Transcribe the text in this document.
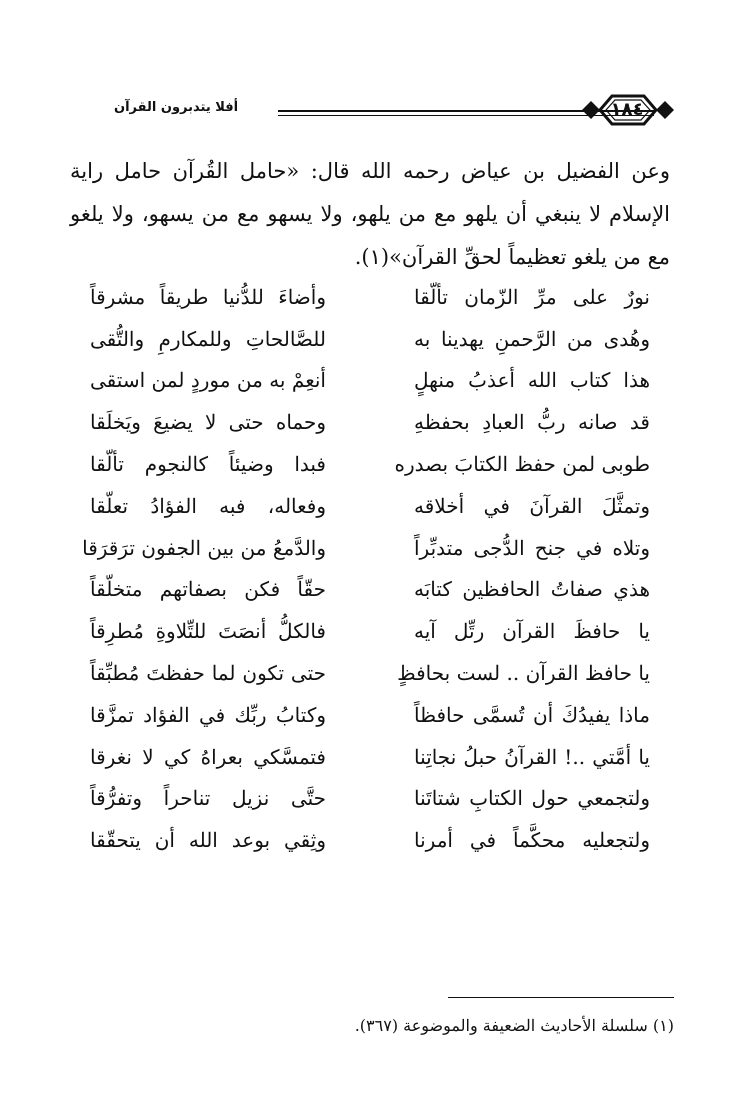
أفلا يتدبرون القرآن	١٨٤

وعن الفضيل بن عياض رحمه الله قال: «حامل القُرآن حامل راية الإسلام لا ينبغي أن يلهو مع من يلهو، ولا يسهو مع من يسهو، ولا يلغو مع من يلغو تعظيماً لحقِّ القرآن»(١).

نورٌ على مرِّ الزّمان تألّقا
وأضاءَ للدُّنيا طريقاً مشرقاً
وهُدى من الرَّحمنِ يهدينا به
للصَّالحاتِ وللمكارمِ والتُّقى
هذا كتاب الله أعذبُ منهلٍ
أنعِمْ به من موردٍ لمن استقى
قد صانه ربُّ العبادِ بحفظهِ
وحماه حتى لا يضيعَ ويَخلَقا
طوبى لمن حفظ الكتابَ بصدره
فبدا وضيئاً كالنجوم تألّقا
وتمثَّلَ القرآنَ في أخلاقه
وفعاله، فبه الفؤادُ تعلّقا
وتلاه في جنح الدُّجى متدبِّراً
والدَّمعُ من بين الجفون ترَقرَقا
هذي صفاتُ الحافظين كتابَه
حقّاً فكن بصفاتهم متخلّقاً
يا حافظَ القرآن رتِّل آيه
فالكلُّ أنصَتَ للتِّلاوةِ مُطرِقاً
يا حافظ القرآن .. لست بحافظٍ
حتى تكون لما حفظتَ مُطبِّقاً
ماذا يفيدُكَ أن تُسمَّى حافظاً
وكتابُ ربِّك في الفؤاد تمزَّقا
يا أمَّتي ..! القرآنُ حبلُ نجاتِنا
فتمسَّكي بعراهُ كي لا نغرقا
ولتجمعي حول الكتابِ شتاتَنا
حتَّى نزيل تناحراً وتفرُّقاً
ولتجعليه محكَّماً في أمرنا
وثِقي بوعد الله أن يتحقّقا
(١) سلسلة الأحاديث الضعيفة والموضوعة (٣٦٧).
